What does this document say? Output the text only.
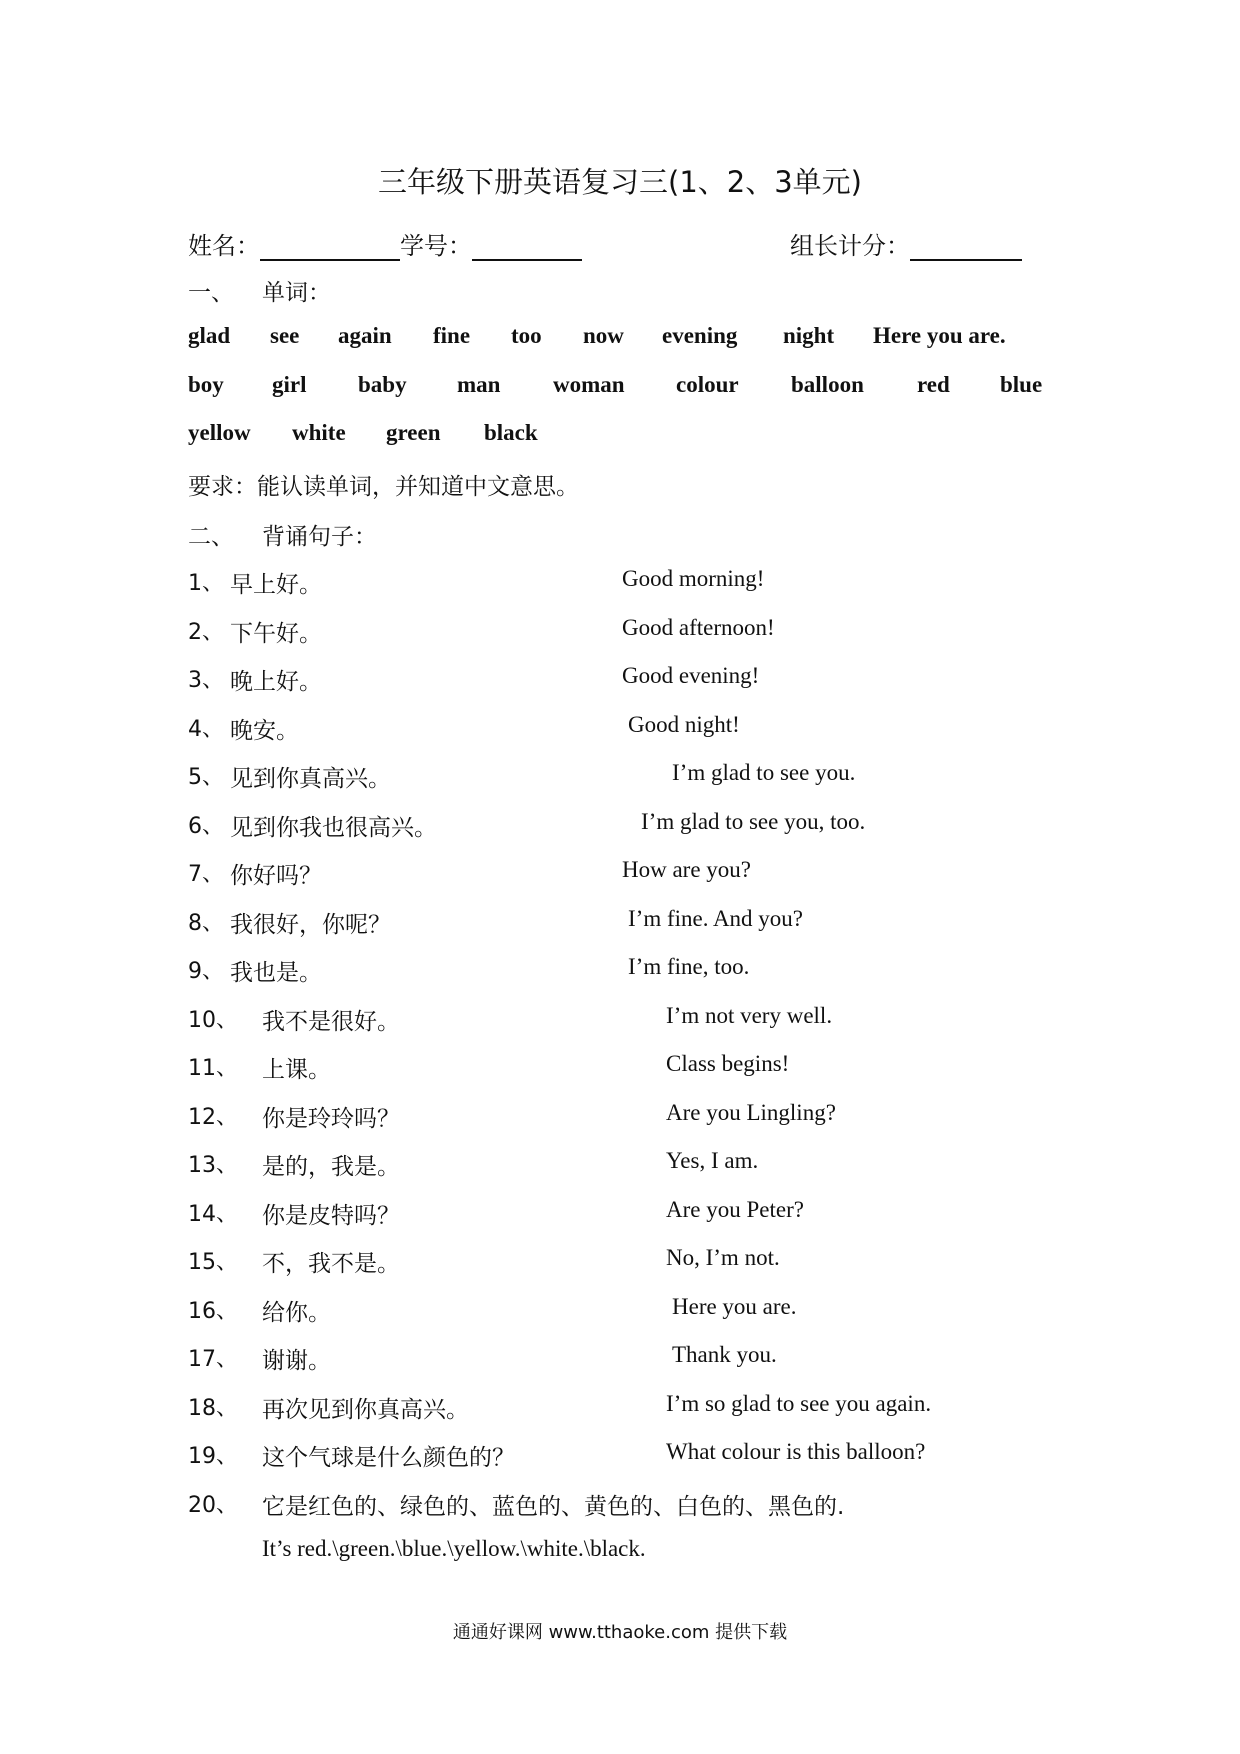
三年级下册英语复习三(1、2、3单元)
姓名：	学号：	组长计分：
一、 单词：
glad see again fine too now evening night Here you are.
boy girl baby man woman colour balloon red blue
yellow white green black
要求：能认读单词，并知道中文意思。
二、 背诵句子：
1、 早上好。	Good morning!
2、 下午好。	Good afternoon!
3、 晚上好。	Good evening!
4、 晚安。	Good night!
5、 见到你真高兴。	I’m glad to see you.
6、 见到你我也很高兴。	I’m glad to see you, too.
7、 你好吗？	How are you?
8、 我很好，你呢？	I’m fine. And you?
9、 我也是。	I’m fine, too.
10、 我不是很好。	I’m not very well.
11、 上课。	Class begins!
12、 你是玲玲吗？	Are you Lingling?
13、 是的，我是。	Yes, I am.
14、 你是皮特吗？	Are you Peter?
15、 不，我不是。	No, I’m not.
16、 给你。	Here you are.
17、 谢谢。	Thank you.
18、 再次见到你真高兴。	I’m so glad to see you again.
19、 这个气球是什么颜色的？	What colour is this balloon?
20、 它是红色的、绿色的、蓝色的、黄色的、白色的、黑色的.
It’s red.\green.\blue.\yellow.\white.\black.
通通好课网 www.tthaoke.com 提供下载
